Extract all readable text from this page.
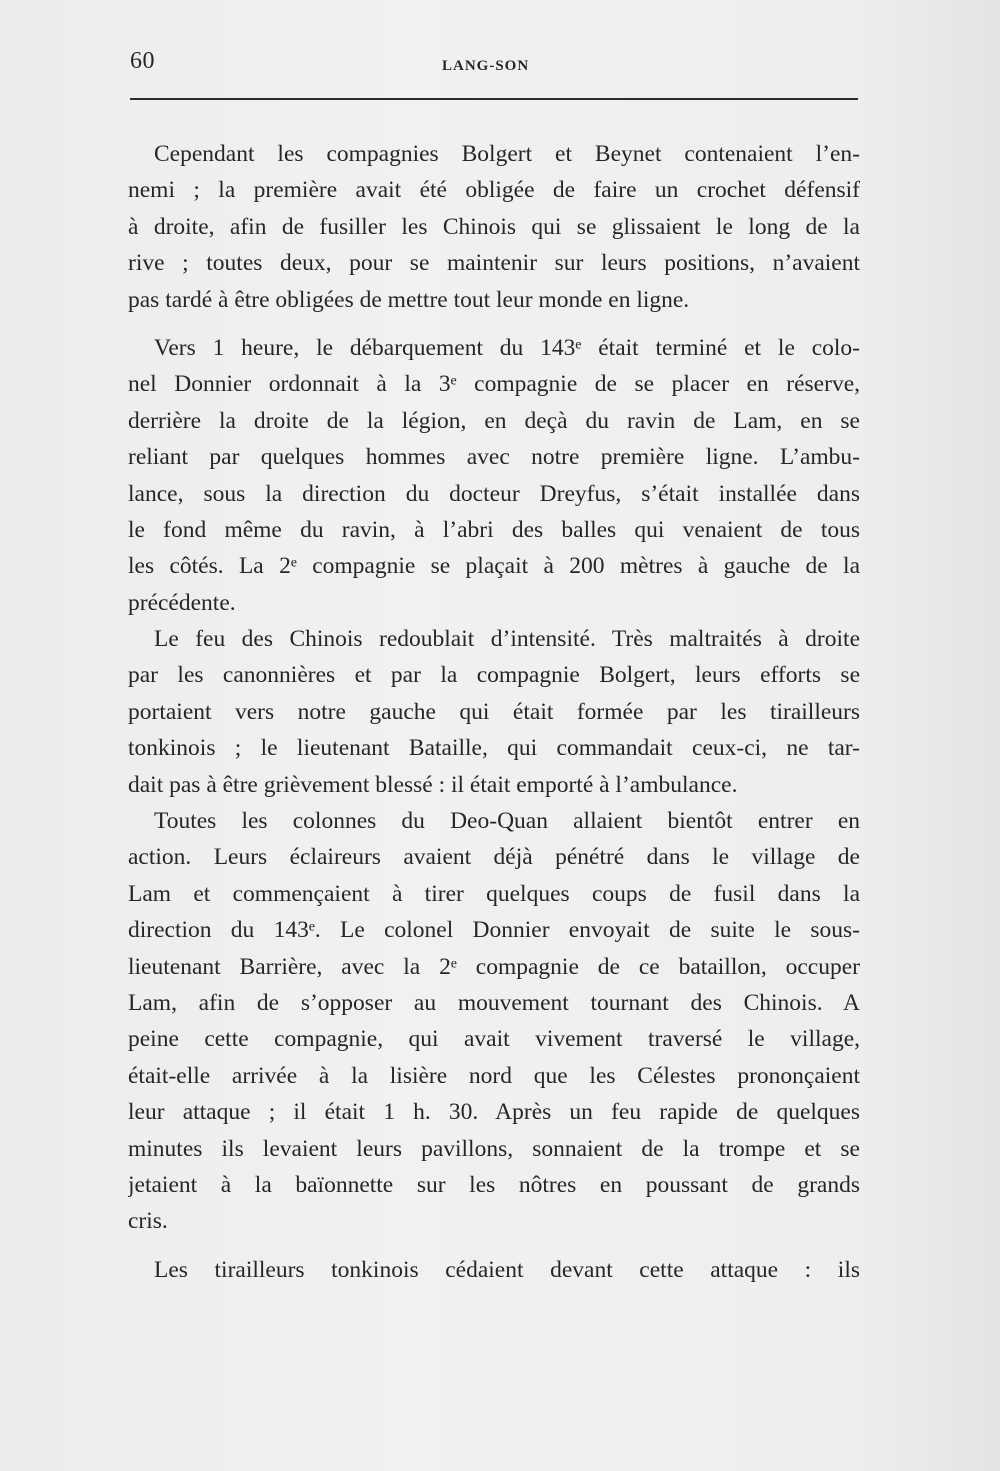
60	LANG-SON
Cependant les compagnies Bolgert et Beynet contenaient l’en-
nemi ; la première avait été obligée de faire un crochet défensif
à droite, afin de fusiller les Chinois qui se glissaient le long de la
rive ; toutes deux, pour se maintenir sur leurs positions, n’avaient
pas tardé à être obligées de mettre tout leur monde en ligne.
Vers 1 heure, le débarquement du 143ᵉ était terminé et le colo-
nel Donnier ordonnait à la 3ᵉ compagnie de se placer en réserve,
derrière la droite de la légion, en deçà du ravin de Lam, en se
reliant par quelques hommes avec notre première ligne. L’ambu-
lance, sous la direction du docteur Dreyfus, s’était installée dans
le fond même du ravin, à l’abri des balles qui venaient de tous
les côtés. La 2ᵉ compagnie se plaçait à 200 mètres à gauche de la
précédente.
Le feu des Chinois redoublait d’intensité. Très maltraités à droite
par les canonnières et par la compagnie Bolgert, leurs efforts se
portaient vers notre gauche qui était formée par les tirailleurs
tonkinois ; le lieutenant Bataille, qui commandait ceux-ci, ne tar-
dait pas à être grièvement blessé : il était emporté à l’ambulance.
Toutes les colonnes du Deo-Quan allaient bientôt entrer en
action. Leurs éclaireurs avaient déjà pénétré dans le village de
Lam et commençaient à tirer quelques coups de fusil dans la
direction du 143ᵉ. Le colonel Donnier envoyait de suite le sous-
lieutenant Barrière, avec la 2ᵉ compagnie de ce bataillon, occuper
Lam, afin de s’opposer au mouvement tournant des Chinois. A
peine cette compagnie, qui avait vivement traversé le village,
était-elle arrivée à la lisière nord que les Célestes prononçaient
leur attaque ; il était 1 h. 30. Après un feu rapide de quelques
minutes ils levaient leurs pavillons, sonnaient de la trompe et se
jetaient à la baïonnette sur les nôtres en poussant de grands
cris.
Les tirailleurs tonkinois cédaient devant cette attaque : ils
